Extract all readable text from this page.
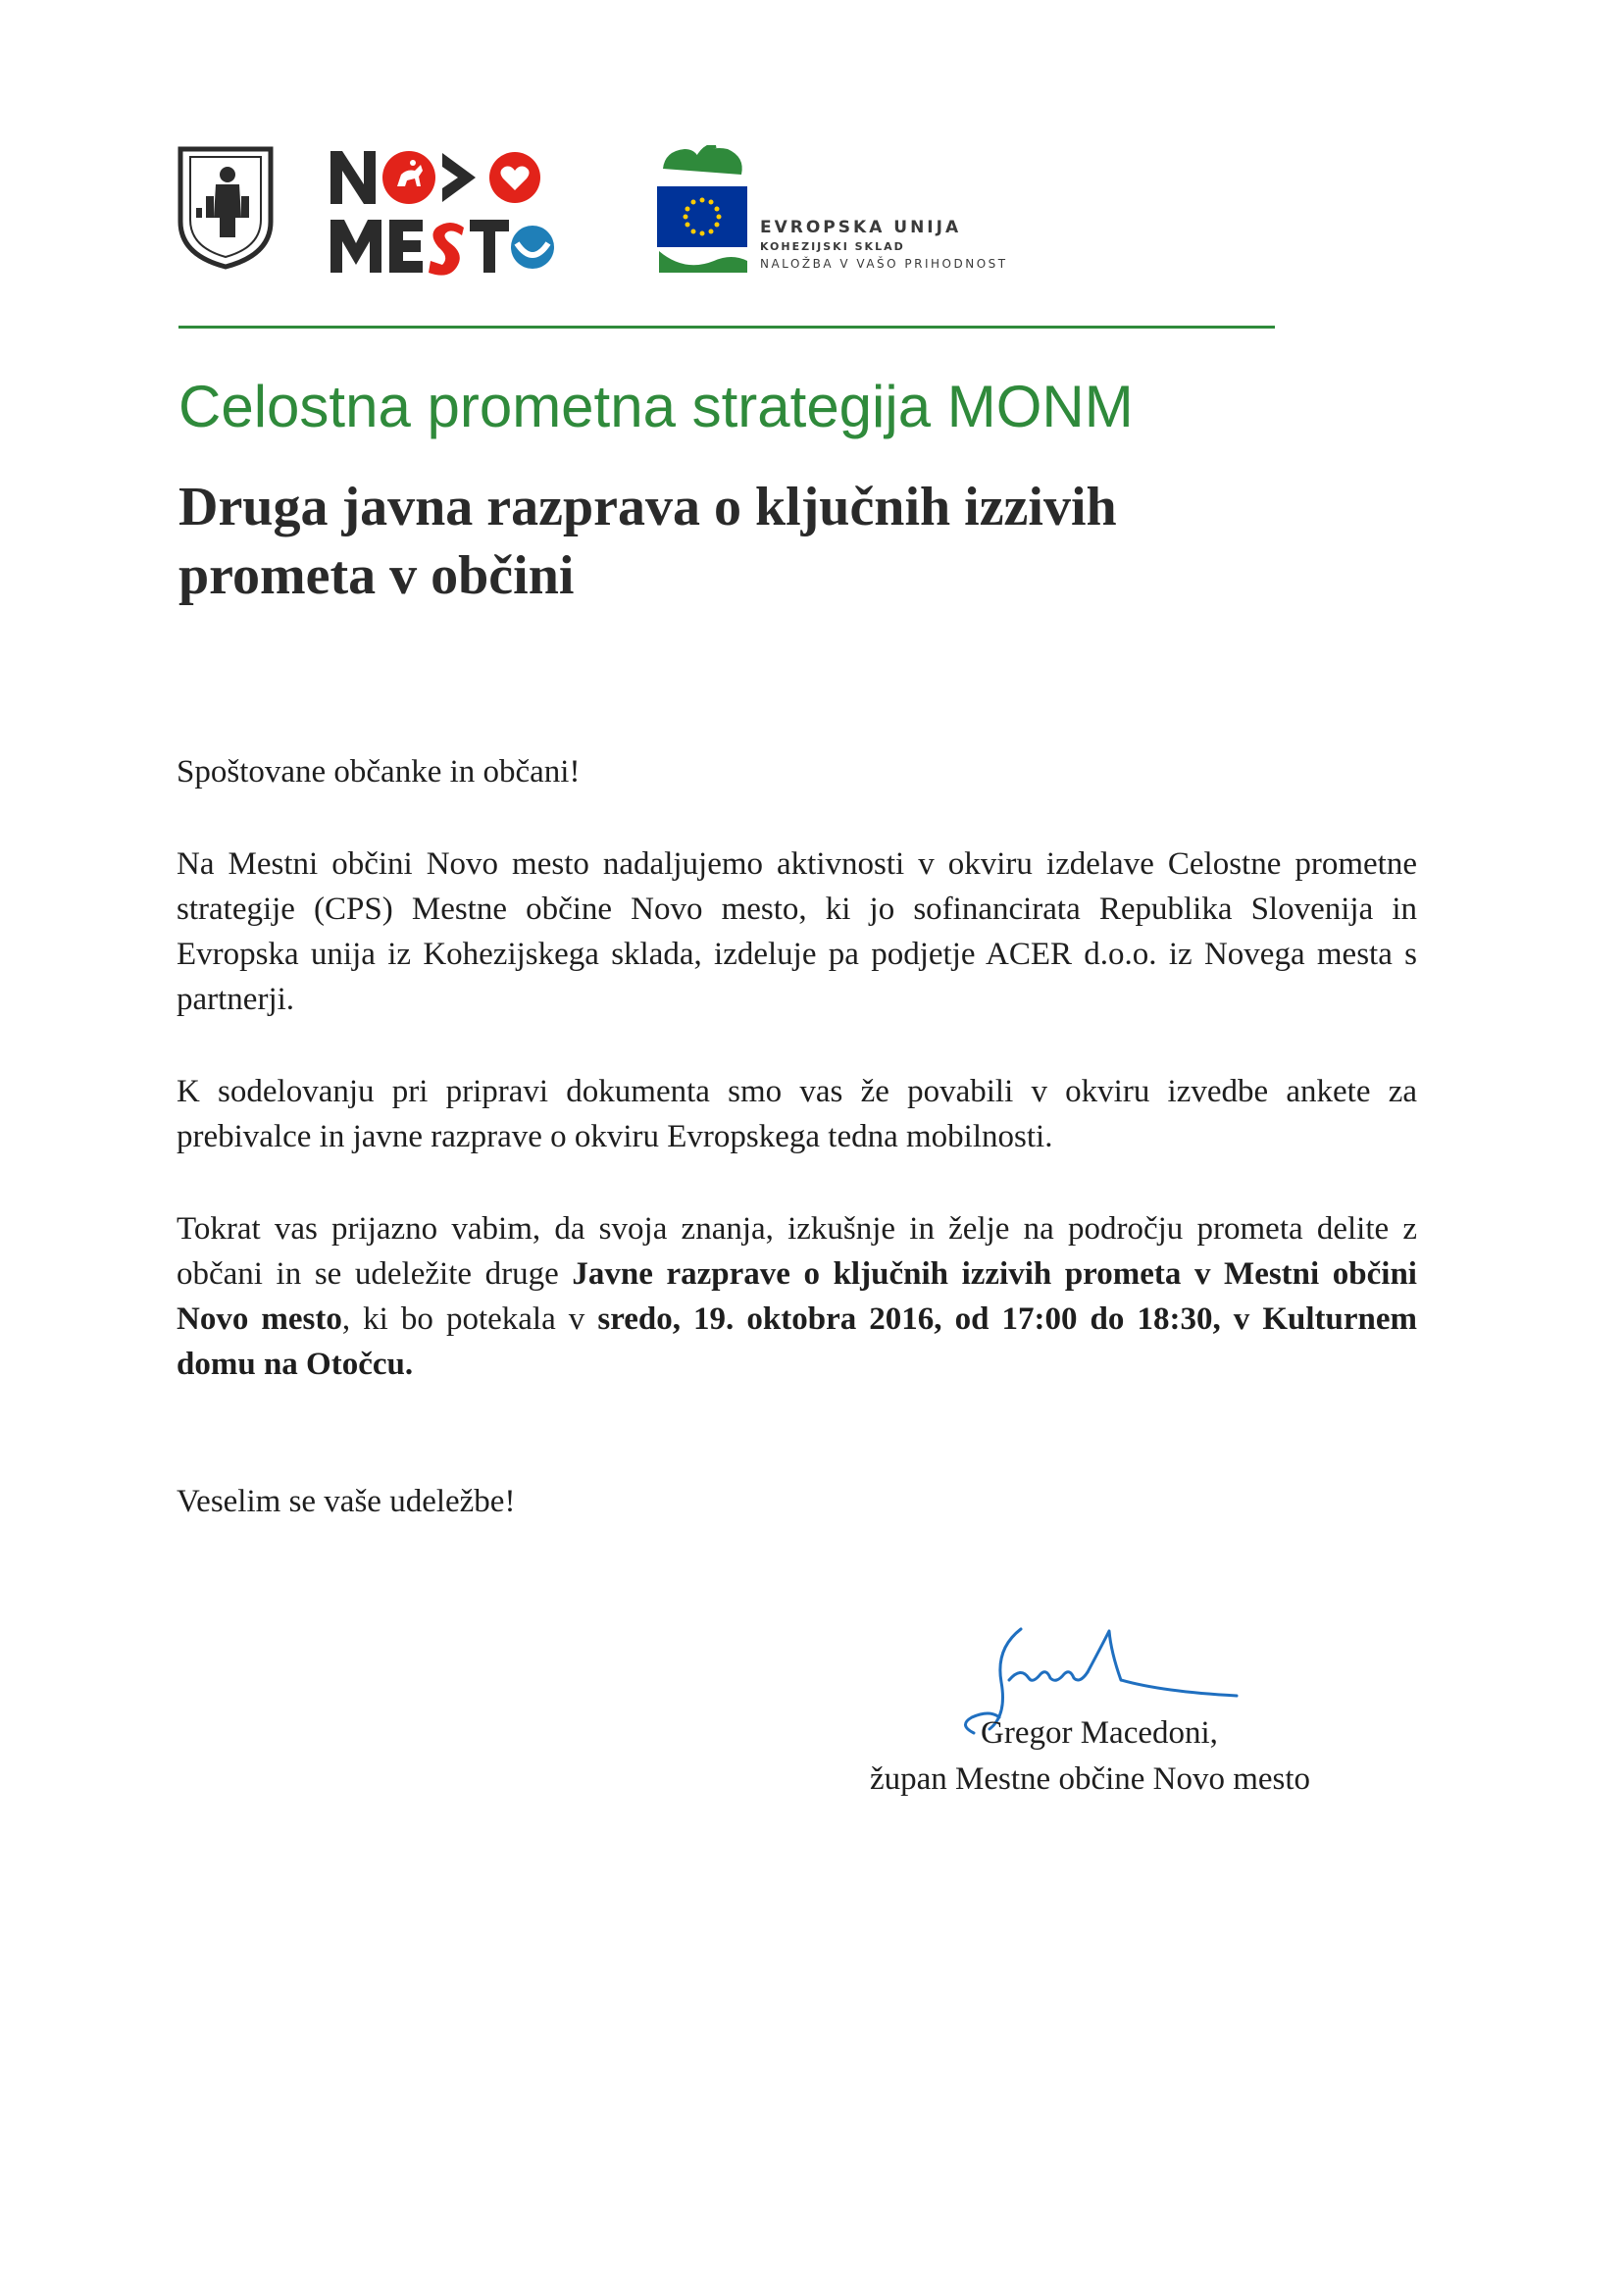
EVROPSKA UNIJA
KOHEZIJSKI SKLAD
NALOŽBA V VAŠO PRIHODNOST
Celostna prometna strategija MONM
Druga javna razprava o ključnih izzivih
prometa v občini
Spoštovane občanke in občani!
Na Mestni občini Novo mesto nadaljujemo aktivnosti v okviru izdelave Celostne prometne strategije (CPS) Mestne občine Novo mesto, ki jo sofinancirata Republika Slovenija in Evropska unija iz Kohezijskega sklada, izdeluje pa podjetje ACER d.o.o. iz Novega mesta s partnerji.
K sodelovanju pri pripravi dokumenta smo vas že povabili v okviru izvedbe ankete za prebivalce in javne razprave o okviru Evropskega tedna mobilnosti.
Tokrat vas prijazno vabim, da svoja znanja, izkušnje in želje na področju prometa delite z občani in se udeležite druge Javne razprave o ključnih izzivih prometa v Mestni občini Novo mesto, ki bo potekala v sredo, 19. oktobra 2016, od 17:00 do 18:30, v Kulturnem domu na Otočcu.
Veselim se vaše udeležbe!
Gregor Macedoni,
župan Mestne občine Novo mesto
